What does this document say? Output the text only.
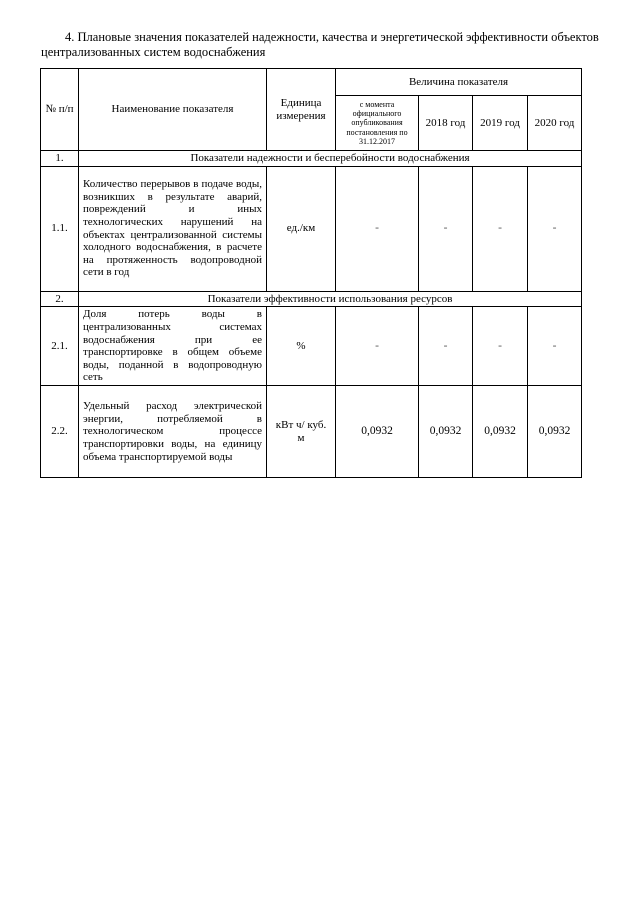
4. Плановые значения показателей надежности, качества и энергетической эффективности объектов централизованных систем водоснабжения
№ п/п	Наименование показателя	Единица измерения	Величина показателя			
			с момента официального опубликования постановления по 31.12.2017	2018 год	2019 год	2020 год
1.	Показатели надежности и бесперебойности водоснабжения					
1.1.	Количество перерывов в подаче воды, возникших в результате аварий, повреждений и иных технологических нарушений на объектах централизованной системы холодного водоснабжения, в расчете на протяженность водопроводной сети в год	ед./км	-	-	-	-
2.	Показатели эффективности использования ресурсов					
2.1.	Доля потерь воды в централизованных системах водоснабжения при ее транспортировке в общем объеме воды, поданной в водопроводную сеть	%	-	-	-	-
2.2.	Удельный расход электрической энергии, потребляемой в технологическом процессе транспортировки воды, на единицу объема транспортируемой воды	кВт ч/ куб. м	0,0932	0,0932	0,0932	0,0932
